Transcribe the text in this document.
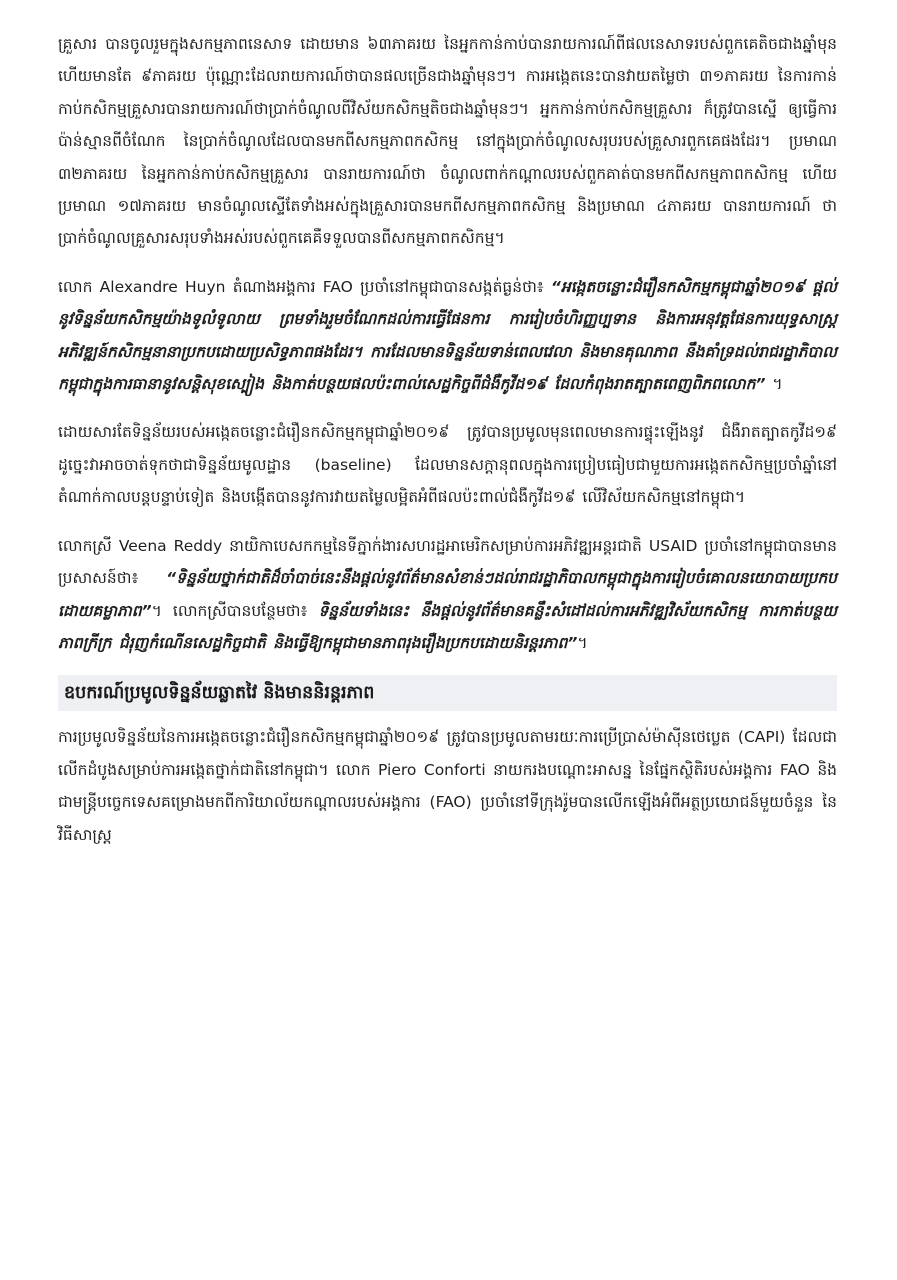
គ្រួសារ បានចូលរួមក្នុងសកម្មភាពនេសាទ ដោយមាន ៦៣ភាគរយ នៃអ្នកកាន់កាប់បានរាយការណ៍ពីផលនេសាទរបស់ពួកគេតិចជាងឆ្នាំមុន ហើយមានតែ ៩ភាគរយ ប៉ុណ្ណោះដែលរាយការណ៍ថាបានផលច្រើនជាងឆ្នាំមុនៗ។ ការអង្កេតនេះបានវាយតម្លៃថា ៣១ភាគរយ នៃការកាន់កាប់កសិកម្មគ្រួសារបានរាយការណ៍ថាប្រាក់ចំណូលពីវិស័យកសិកម្មតិចជាងឆ្នាំមុនៗ។ អ្នកកាន់កាប់កសិកម្មគ្រួសារ ក៏ត្រូវបានស្នើ ឲ្យធ្វើការប៉ាន់ស្មានពីចំណែក នៃប្រាក់ចំណូលដែលបានមកពីសកម្មភាពកសិកម្ម នៅក្នុងប្រាក់ចំណូលសរុបរបស់គ្រួសារពួកគេផងដែរ។ ប្រមាណ ៣២ភាគរយ នៃអ្នកកាន់កាប់កសិកម្មគ្រួសារ បានរាយការណ៍ថា ចំណូលពាក់កណ្ដាលរបស់ពួកគាត់បានមកពីសកម្មភាពកសិកម្ម ហើយប្រមាណ ១៧ភាគរយ មានចំណូលស្ទើតែទាំងអស់ក្នុងគ្រួសារបានមកពីសកម្មភាពកសិកម្ម និងប្រមាណ ៤ភាគរយ បានរាយការណ៍ ថាប្រាក់ចំណូលគ្រួសារសរុបទាំងអស់របស់ពួកគេគឺទទួលបានពីសកម្មភាពកសិកម្ម។

លោក Alexandre Huyn តំណាងអង្គការ FAO ប្រចាំនៅកម្ពុជាបានសង្កត់ធ្ងន់ថា៖ “អង្កេតចន្លោះជំរឿនកសិកម្មកម្ពុជាឆ្នាំ២០១៩ ផ្ដល់នូវទិន្នន័យកសិកម្មយ៉ាងទូលំទូលាយ ព្រមទាំងរួមចំណែកដល់ការធ្វើផែនការ ការរៀបចំហិរញ្ញប្បទាន និងការអនុវត្តផែនការយុទ្ធសាស្ត្រអភិវឌ្ឍន៍កសិកម្មនានាប្រកបដោយប្រសិទ្ធភាពផងដែរ។ ការដែលមានទិន្នន័យទាន់ពេលវេលា និងមានគុណភាព នឹងគាំទ្រដល់រាជរដ្ឋាភិបាលកម្ពុជាក្នុងការធានានូវសន្តិសុខស្បៀង និងកាត់បន្ថយផលប៉ះពាល់សេដ្ឋកិច្ចពីជំងឺកូវីដ១៩ ដែលកំពុងរាតត្បាតពេញពិភពលោក” ។

ដោយសារតែទិន្នន័យរបស់អង្កេតចន្លោះជំរឿនកសិកម្មកម្ពុជាឆ្នាំ២០១៩ ត្រូវបានប្រមូលមុនពេលមានការផ្ទុះឡើងនូវ ជំងឺរាតត្បាតកូវីដ១៩ ដូច្នេះវាអាចចាត់ទុកថាជាទិន្នន័យមូលដ្ឋាន (baseline) ដែលមានសក្ដានុពលក្នុងការប្រៀបធៀបជាមួយការអង្កេតកសិកម្មប្រចាំឆ្នាំនៅតំណាក់កាលបន្តបន្ទាប់ទៀត និងបង្កើតបាននូវការវាយតម្លៃលម្អិតអំពីផលប៉ះពាល់ជំងឺកូវីដ១៩ លើវិស័យកសិកម្មនៅកម្ពុជា។

លោកស្រី Veena Reddy នាយិកាបេសកកម្មនៃទីភ្នាក់ងារសហរដ្ឋអាមេរិកសម្រាប់ការអភិវឌ្ឍអន្តរជាតិ USAID ប្រចាំនៅកម្ពុជាបានមានប្រសាសន៍ថា៖ “ទិន្នន័យថ្នាក់ជាតិដ៏ចាំបាច់នេះនឹងផ្ដល់នូវព័ត៌មានសំខាន់ៗដល់រាជរដ្ឋាភិបាលកម្ពុជាក្នុងការរៀបចំគោលនយោបាយប្រកបដោយគម្លាភាព”។ លោកស្រីបានបន្ថែមថា៖ ទិន្នន័យទាំងនេះ នឹងផ្ដល់នូវព័ត៌មានគន្លឹះសំដៅដល់ការអភិវឌ្ឍវិស័យកសិកម្ម ការកាត់បន្ថយភាពក្រីក្រ ជំរុញកំណើនសេដ្ឋកិច្ចជាតិ និងធ្វើឱ្យកម្ពុជាមានភាពរុងរឿងប្រកបដោយនិរន្តរភាព”។

ឧបករណ៍ប្រមូលទិន្នន័យឆ្លាតវៃ និងមាននិរន្តរភាព

ការប្រមូលទិន្នន័យនៃការអង្កេតចន្លោះជំរឿនកសិកម្មកម្ពុជាឆ្នាំ២០១៩ ត្រូវបានប្រមូលតាមរយៈការប្រើប្រាស់ម៉ាស៊ីនថេប្លេត (CAPI) ដែលជាលើកដំបូងសម្រាប់ការអង្កេតថ្នាក់ជាតិនៅកម្ពុជា។ លោក Piero Conforti នាយករងបណ្ដោះអាសន្ន នៃផ្នែកស្ថិតិរបស់អង្គការ FAO និងជាមន្ត្រីបច្ចេកទេសគម្រោងមកពីការិយាល័យកណ្ដាលរបស់អង្គការ (FAO) ប្រចាំនៅទីក្រុងរ៉ូមបានលើកឡើងអំពីអត្ថប្រយោជន៍មួយចំនួន នៃវិធីសាស្ត្រ
